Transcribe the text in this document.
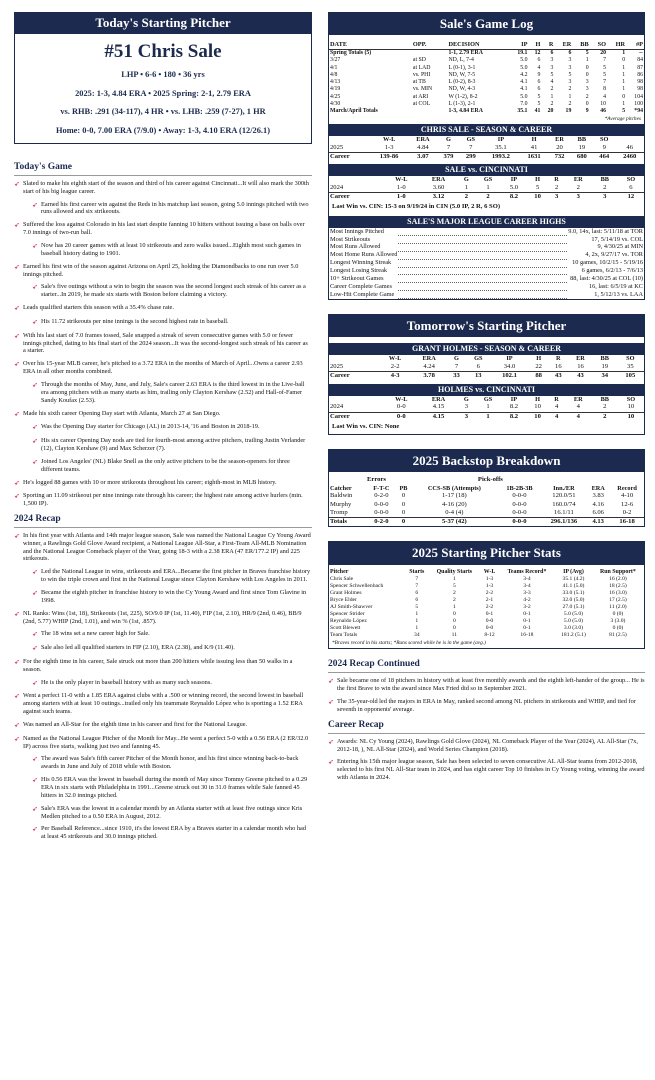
Today's Starting Pitcher
#51 Chris Sale
LHP • 6-6 • 180 • 36 yrs
2025: 1-3, 4.84 ERA • 2025 Spring: 2-1, 2.79 ERA
vs. RHB: .291 (34-117), 4 HR • vs. LHB: .259 (7-27), 1 HR
Home: 0-0, 7.00 ERA (7/9.0) • Away: 1-3, 4.10 ERA (12/26.1)
Today's Game
➶ Slated to make his eighth start of the season and third of his career against Cincinnati...It will also mark the 300th start of his big league career.
➶ Earned his first career win against the Reds in his matchup last season, going 5.0 innings pitched with two runs allowed and six strikeouts.
➶ Suffered the loss against Colorado in his last start despite fanning 10 hitters without issuing a base on balls over 7.0 innings of two-run ball.
➶ Now has 20 career games with at least 10 strikeouts and zero walks issued...Eighth most such games in baseball history dating to 1901.
➶ Earned his first win of the season against Arizona on April 25, holding the Diamondbacks to one run over 5.0 innings pitched.
➶ Sale's five outings without a win to begin the season was the second longest such streak of his career as a starter...In 2019, he made six starts with Boston before claiming a victory.
➶ Leads qualified starters this season with a 35.4% chase rate.
➶ His 11.72 strikeouts per nine innings is the second highest rate in baseball.
➶ With his last start of 7.0 frames tossed, Sale snapped a streak of seven consecutive games with 5.0 or fewer innings pitched, dating to his final start of the 2024 season...It was the second-longest such streak of his career as a starter.
➶ Over his 15-year MLB career, he's pitched to a 3.72 ERA in the months of March of April...Owns a career 2.93 ERA in all other months combined.
➶ Through the months of May, June, and July, Sale's career 2.63 ERA is the third lowest in in the Live-ball era among pitchers with as many starts as him, trailing only Clayton Kershaw (2.52) and Hall-of-Famer Sandy Koufax (2.53).
➶ Made his sixth career Opening Day start with Atlanta, March 27 at San Diego.
➶ Was the Opening Day starter for Chicago (AL) in 2013-14, '16 and Boston in 2018-19.
➶ His six career Opening Day nods are tied for fourth-most among active pitchers, trailing Justin Verlander (12), Clayton Kershaw (9) and Max Scherzer (7).
➶ Joined Los Angeles' (NL) Blake Snell as the only active pitchers to be the season-openers for three different teams.
➶ He's logged 88 games with 10 or more strikeouts throughout his career; eighth-most in MLB history.
➶ Sporting an 11.09 strikeout per nine innings rate through his career; the highest rate among active hurlers (min. 1,500 IP).
2024 Recap
➶ In his first year with Atlanta and 14th major league season, Sale was named the National League Cy Young Award winner, a Rawlings Gold Glove Award recipient, a National League All-Star, a First-Team All-MLB Nomination and the National League Comeback player of the Year, going 18-3 with a 2.38 ERA (47 ER/177.2 IP) and 225 strikeouts.
➶ Led the National League in wins, strikeouts and ERA...Became the first pitcher in Braves franchise history to win the triple crown and first in the National League since Clayton Kershaw with Los Angeles in 2011.
➶ Became the eighth pitcher in franchise history to win the Cy Young Award and first since Tom Glavine in 1998.
➶ NL Ranks: Wins (1st, 18), Strikeouts (1st, 225), SO/9.0 IP (1st, 11.40), FIP (1st, 2.10), HR/9 (2nd, 0.46), BB/9 (2nd, 5.77) WHIP (2nd, 1.01), and win % (1st, .857).
➶ The 18 wins set a new career high for Sale.
➶ Sale also led all qualified starters in FIP (2.10), ERA (2.38), and K/9 (11.40).
➶ For the eighth time in his career, Sale struck out more than 200 hitters while issuing less than 50 walks in a season.
➶ He is the only player in baseball history with as many such seasons.
➶ Went a perfect 11-0 with a 1.85 ERA against clubs with a .500 or winning record, the second lowest in baseball among starters with at least 10 outings...trailed only his teammate Reynaldo López who is sporting a 1.52 ERA against such teams.
➶ Was named an All-Star for the eighth time in his career and first for the National League.
➶ Named as the National League Pitcher of the Month for May...He went a perfect 5-0 with a 0.56 ERA (2 ER/32.0 IP) across five starts, walking just two and fanning 45.
➶ The award was Sale's fifth career Pitcher of the Month honor, and his first since winning back-to-back awards in June and July of 2018 while with Boston.
➶ His 0.56 ERA was the lowest in baseball during the month of May since Tommy Greene pitched to a 0.29 ERA in six starts with Philadelphia in 1991...Greene struck out 30 in 31.0 frames while Sale fanned 45 hitters in 32.0 innings pitched.
➶ Sale's ERA was the lowest in a calendar month by an Atlanta starter with at least five outings since Kris Medlen pitched to a 0.50 ERA in August, 2012.
➶ Per Baseball Reference...since 1910, it's the lowest ERA by a Braves starter in a calendar month who had at least 45 strikeouts and 30.0 innings pitched.
Sale's Game Log
DATE	OPP.	DECISION	IP	H	R	ER	BB	SO	HR	#P
Spring Totals (5)		1-1, 2.79 ERA	19.1	12	6	6	5	20	1	--
3/27	at SD	ND, L, 7-4	5.0	6	3	3	1	7	0	84
4/1	at LAD	L (0-1), 3-1	5.0	4	3	3	0	5	1	87
4/8	vs. PHI	ND, W, 7-5	4.2	9	5	5	0	5	1	86
4/13	at TB	L (0-2), 8-3	4.1	6	4	3	3	7	1	98
4/19	vs. MIN	ND, W, 4-3	4.1	6	2	2	3	8	1	98
4/25	at ARI	W (1-2), 8-2	5.0	5	1	1	2	4	0	104
4/30	at COL	L (1-3), 2-1	7.0	5	2	2	0	10	1	100
March/April Totals		1-3, 4.84 ERA	35.1	41	20	19	9	46	5	*94
*Average pitches
CHRIS SALE - SEASON & CAREER
	W-L	ERA	G	GS	IP	H	ER	BB	SO	
2025	1-3	4.84	7	7	35.1	41	20	19	9	46
Career	139-86	3.07	379	299	1993.2	1631	732	680	464	2460
SALE vs. CINCINNATI
	W-L	ERA	G	GS	IP	H	R	ER	BB	SO
2024	1-0	3.60	1	1	5.0	5	2	2	2	6
Career	1-0	3.12	2	2	8.2	10	3	3	3	12
Last Win vs. CIN: 15-3 on 9/19/24 in CIN (5.0 IP, 2 R, 6 SO)
SALE'S MAJOR LEAGUE CAREER HIGHS
Most Innings Pitched		9.0, 14x, last: 5/11/18 at TOR
Most Strikeouts		17, 5/14/19 vs. COL
Most Runs Allowed		9, 4/30/25 at MIN
Most Home Runs Allowed		4, 2x, 9/27/17 vs. TOR
Longest Winning Streak		10 games, 10/2/15 - 5/19/16
Longest Losing Streak		6 games, 6/2/13 - 7/6/13
10+ Strikeout Games		88, last: 4/30/25 at COL (10)
Career Complete Games		16, last: 6/5/19 at KC
Low-Hit Complete Game		1, 5/12/13 vs. LAA
Tomorrow's Starting Pitcher
GRANT HOLMES - SEASON & CAREER
	W-L	ERA	G	GS	IP	H	R	ER	BB	SO
2025	2-2	4.24	7	6	34.0	22	16	16	19	35
Career	4-3	3.78	33	13	102.1	88	43	43	34	105
HOLMES vs. CINCINNATI
	W-L	ERA	G	GS	IP	H	R	ER	BB	SO
2024	0-0	4.15	3	1	8.2	10	4	4	2	10
Career	0-0	4.15	3	1	8.2	10	4	4	2	10
Last Win vs. CIN: None
2025 Backstop Breakdown
Errors	Pick-offs
Catcher	F-T-C	PB	CCS-SB (Attempts)	1B-2B-3B	Inn./ER	ERA	Record
Baldwin	0-2-0	0	1-17 (18)	0-0-0	120.0/51	3.83	4-10
Murphy	0-0-0	0	4-16 (20)	0-0-0	160.0/74	4.16	12-6
Tromp	0-0-0	0	0-4 (4)	0-0-0	16.1/11	6.06	0-2
Totals	0-2-0	0	5-37 (42)	0-0-0	296.1/136	4.13	16-18
2025 Starting Pitcher Stats
Pitcher	Starts	Quality Starts	W-L	Teams Record*	IP (Avg)	Run Support*
Chris Sale	7	1	1-3	3-4	35.1 (4.2)	16 (2.0)
Spencer Schwellenbach	7	5	1-3	3-4	41.1 (5.0)	18 (2.5)
Grant Holmes	6	2	2-2	3-3	33.0 (5.1)	16 (3.0)
Bryce Elder	6	2	2-1	4-2	32.0 (5.0)	17 (2.5)
AJ Smith-Shawver	5	1	2-2	3-2	27.0 (5.1)	11 (2.0)
Spencer Strider	1	0	0-1	0-1	5.0 (5.0)	0 (0)
Reynaldo López	1	0	0-0	0-1	5.0 (5.0)	3 (3.0)
Scott Blewett	1	0	0-0	0-1	3.0 (3.0)	0 (0)
Team Totals	34	11	8-12	16-18	181.2 (5.1)	81 (2.5)
*Braves record in his starts; *Runs scored while he is in the game (avg.)
2024 Recap Continued
➶ Sale became one of 18 pitchers in history with at least five monthly awards and the eighth left-hander of the group... He is the first Brave to win the award since Max Fried did so in September 2021.
➶ The 35-year-old led the majors in ERA in May, ranked second among NL pitchers in strikeouts and WHIP, and tied for seventh in opponents' average.
Career Recap
➶ Awards: NL Cy Young (2024), Rawlings Gold Glove (2024), NL Comeback Player of the Year (2024), AL All-Star (7x, 2012-18, ), NL All-Star (2024), and World Series Champion (2018).
➶ Entering his 15th major league season, Sale has been selected to seven consecutive AL All-Star teams from 2012-2018, selected to his first NL All-Star team in 2024, and has eight career Top 10 finishes in Cy Young voting, winning the award with Atlanta in 2024.
